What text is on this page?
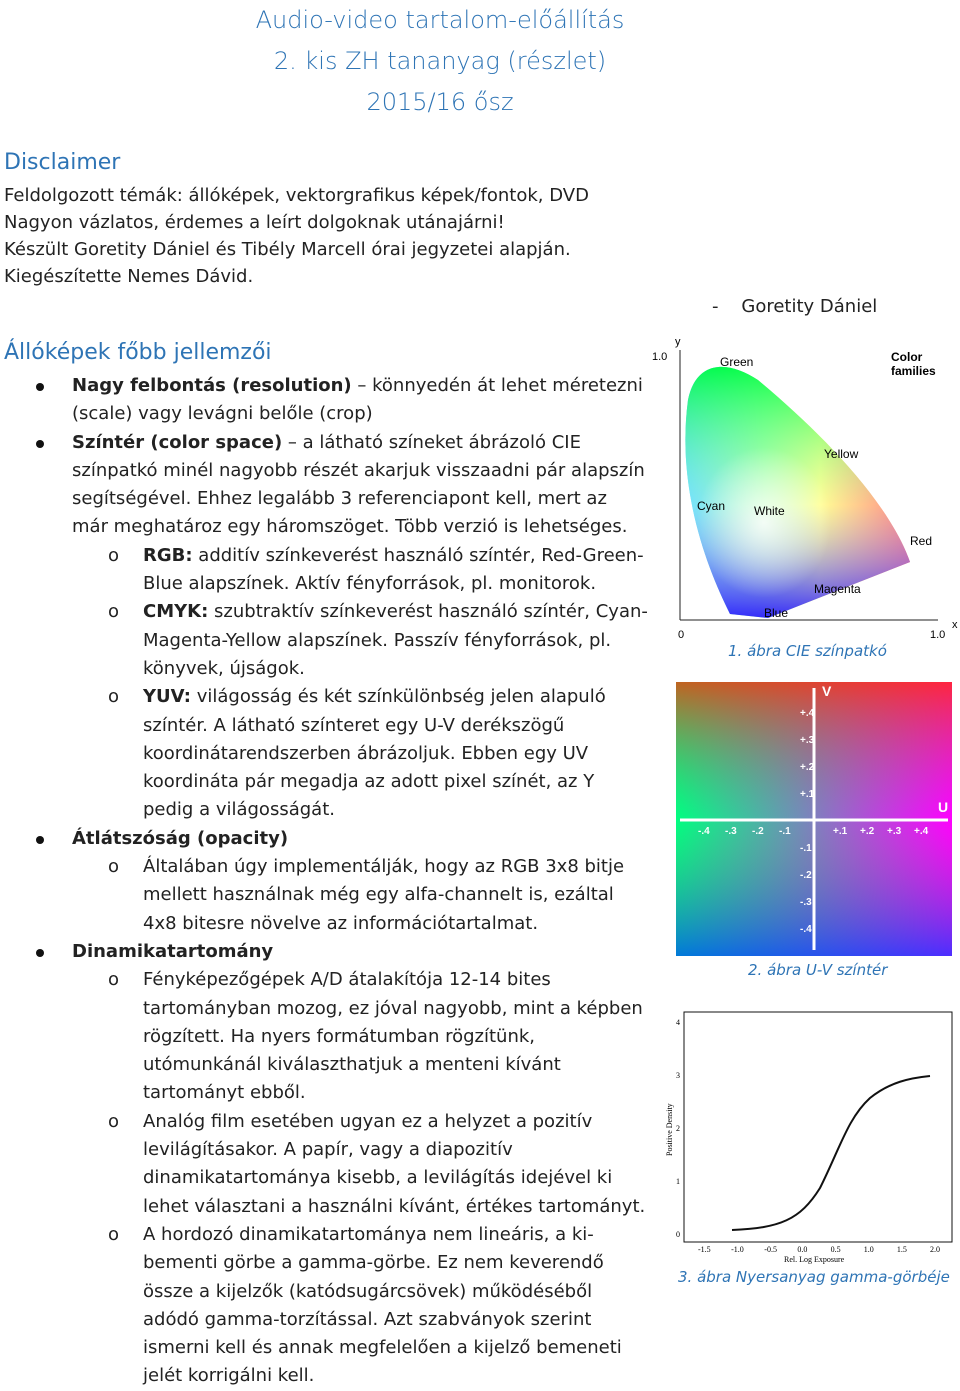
Audio-video tartalom-előállítás
2. kis ZH tananyag (részlet)
2015/16 ősz
Disclaimer
Feldolgozott témák: állóképek, vektorgrafikus képek/fontok, DVD
Nagyon vázlatos, érdemes a leírt dolgoknak utánajárni!
Készült Goretity Dániel és Tibély Marcell órai jegyzetei alapján.
Kiegészítette Nemes Dávid.
-    Goretity Dániel
Állóképek főbb jellemzői

Nagy felbontás (resolution) – könnyedén át lehet méretezni (scale) vagy levágni belőle (crop)

Színtér (color space) – a látható színeket ábrázoló CIE színpatkó minél nagyobb részét akarjuk visszaadni pár alapszín segítségével. Ehhez legalább 3 referenciapont kell, mert az már meghatároz egy háromszöget. Több verzió is lehetséges.

o RGB: additív színkeverést használó színtér, Red-Green-Blue alapszínek. Aktív fényforrások, pl. monitorok.

o CMYK: szubtraktív színkeverést használó színtér, Cyan-Magenta-Yellow alapszínek. Passzív fényforrások, pl. könyvek, újságok.

o YUV: világosság és két színkülönbség jelen alapuló színtér. A látható színteret egy U-V derékszögű koordinátarendszerben ábrázoljuk. Ebben egy UV koordináta pár megadja az adott pixel színét, az Y pedig a világosságát.

Átlátszóság (opacity)

o Általában úgy implementálják, hogy az RGB 3x8 bitje mellett használnak még egy alfa-channelt is, ezáltal 4x8 bitesre növelve az információtartalmat.

Dinamikatartomány

o Fényképezőgépek A/D átalakítója 12-14 bites tartományban mozog, ez jóval nagyobb, mint a képben rögzített. Ha nyers formátumban rögzítünk, utómunkánál kiválaszthatjuk a menteni kívánt tartományt ebből.

o Analóg film esetében ugyan ez a helyzet a pozitív levilágításakor. A papír, vagy a diapozitív dinamikatartománya kisebb, a levilágítás idejével ki lehet választani a használni kívánt, értékes tartományt.

o A hordozó dinamikatartománya nem lineáris, a ki-bementi görbe a gamma-görbe. Ez nem keverendő össze a kijelzők (katódsugárcsövek) működéséből adódó gamma-torzítással. Azt szabványok szerint ismerni kell és annak megfelelően a kijelző bemeneti jelét korrigálni kell.

y
1.0
0	1.0
x
Green	Color
families
Yellow
Cyan White
Red
Magenta
Blue
1. ábra CIE színpatkó
V
U
+.1
+.1
+.2
+.2
+.3
+.3
+.4
+.4
-.1
-.1
-.2
-.2
-.3
-.3
-.4
-.4
2. ábra U-V színtér
Positive Density
Rel. Log Exposure
4
3
2
1
0
-1.5	-1.0	-0.5	0.0	0.5	1.0	1.5	2.0
3. ábra Nyersanyag gamma-görbéje
